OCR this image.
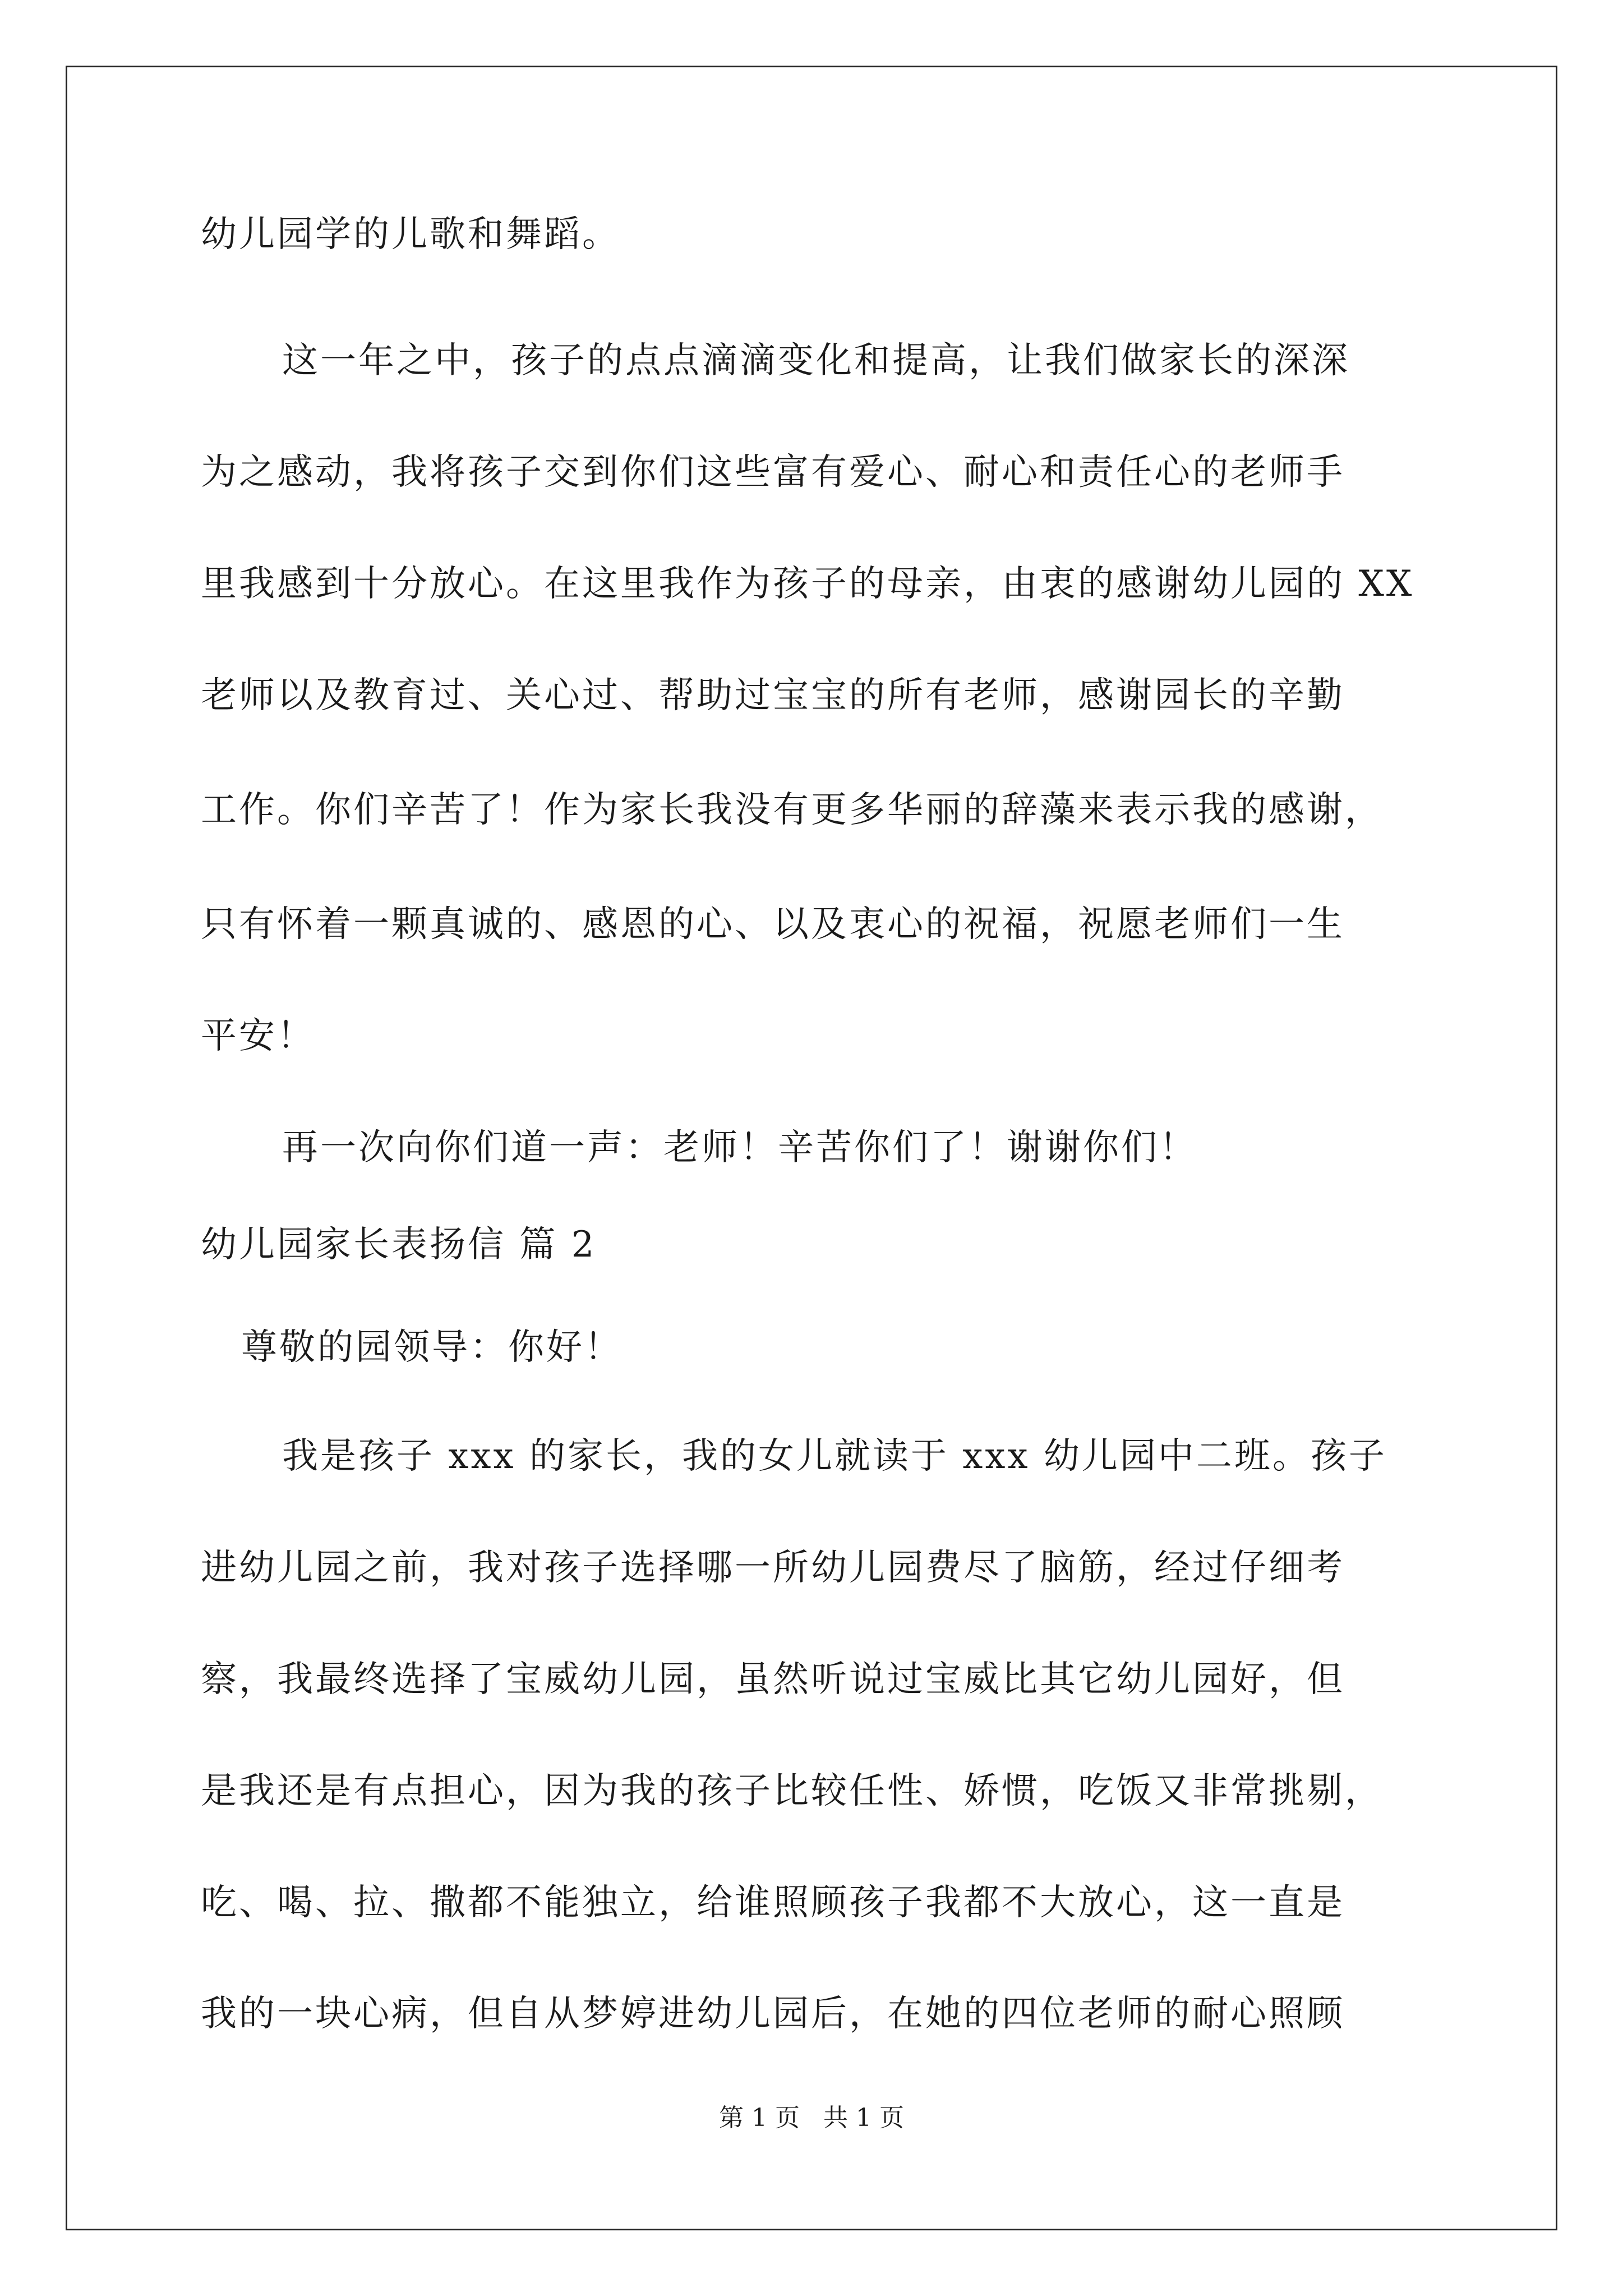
幼儿园学的儿歌和舞蹈。
这一年之中，孩子的点点滴滴变化和提高，让我们做家长的深深
为之感动，我将孩子交到你们这些富有爱心、耐心和责任心的老师手
里我感到十分放心。在这里我作为孩子的母亲，由衷的感谢幼儿园的 XX
老师以及教育过、关心过、帮助过宝宝的所有老师，感谢园长的辛勤
工作。你们辛苦了！作为家长我没有更多华丽的辞藻来表示我的感谢，
只有怀着一颗真诚的、感恩的心、以及衷心的祝福，祝愿老师们一生
平安！
再一次向你们道一声：老师！辛苦你们了！谢谢你们！
幼儿园家长表扬信 篇 2
尊敬的园领导：你好！
我是孩子 xxx 的家长，我的女儿就读于 xxx 幼儿园中二班。孩子
进幼儿园之前，我对孩子选择哪一所幼儿园费尽了脑筋，经过仔细考
察，我最终选择了宝威幼儿园，虽然听说过宝威比其它幼儿园好，但
是我还是有点担心，因为我的孩子比较任性、娇惯，吃饭又非常挑剔，
吃、喝、拉、撒都不能独立，给谁照顾孩子我都不大放心，这一直是
我的一块心病，但自从梦婷进幼儿园后，在她的四位老师的耐心照顾
第 1 页   共 1 页
